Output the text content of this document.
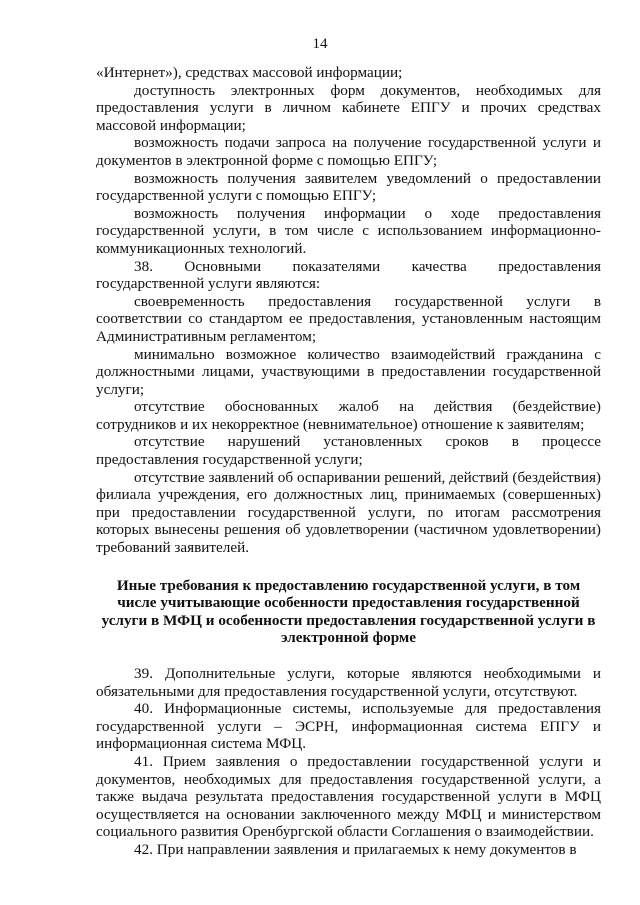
14

«Интернет»), средствах массовой информации;

доступность электронных форм документов, необходимых для предоставления услуги в личном кабинете ЕПГУ и прочих средствах массовой информации;

возможность подачи запроса на получение государственной услуги и документов в электронной форме с помощью ЕПГУ;

возможность получения заявителем уведомлений о предоставлении государственной услуги с помощью ЕПГУ;

возможность получения информации о ходе предоставления государственной услуги, в том числе с использованием информационно-коммуникационных технологий.

38. Основными показателями качества предоставления государственной услуги являются:

своевременность предоставления государственной услуги в соответствии со стандартом ее предоставления, установленным настоящим Административным регламентом;

минимально возможное количество взаимодействий гражданина с должностными лицами, участвующими в предоставлении государственной услуги;

отсутствие обоснованных жалоб на действия (бездействие) сотрудников и их некорректное (невнимательное) отношение к заявителям;

отсутствие нарушений установленных сроков в процессе предоставления государственной услуги;

отсутствие заявлений об оспаривании решений, действий (бездействия) филиала учреждения, его должностных лиц, принимаемых (совершенных) при предоставлении государственной услуги, по итогам рассмотрения которых вынесены решения об удовлетворении (частичном удовлетворении) требований заявителей.

Иные требования к предоставлению государственной услуги, в том числе учитывающие особенности предоставления государственной услуги в МФЦ и особенности предоставления государственной услуги в электронной форме

39. Дополнительные услуги, которые являются необходимыми и обязательными для предоставления государственной услуги, отсутствуют.

40. Информационные системы, используемые для предоставления государственной услуги – ЭСРН, информационная система ЕПГУ и информационная система МФЦ.

41. Прием заявления о предоставлении государственной услуги и документов, необходимых для предоставления государственной услуги, а также выдача результата предоставления государственной услуги в МФЦ осуществляется на основании заключенного между МФЦ и министерством социального развития Оренбургской области Соглашения о взаимодействии.

42. При направлении заявления и прилагаемых к нему документов в
